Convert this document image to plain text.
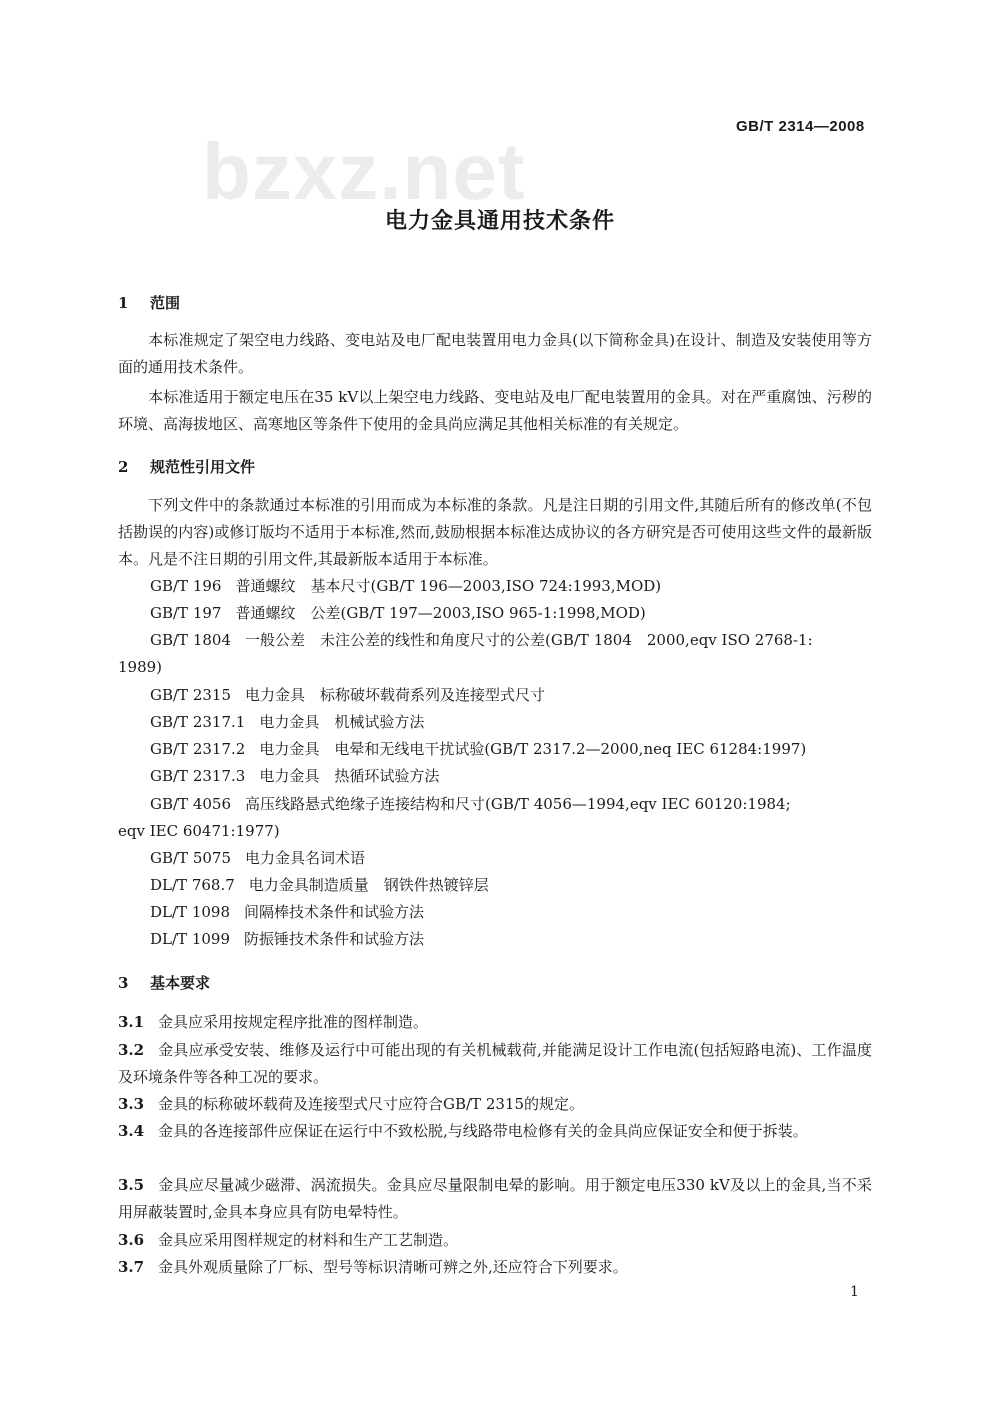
GB/T 2314—2008
bzxz.net
电力金具通用技术条件
1 范围
本标准规定了架空电力线路、变电站及电厂配电装置用电力金具(以下简称金具)在设计、制造及安装使用等方面的通用技术条件。
本标准适用于额定电压在35 kV以上架空电力线路、变电站及电厂配电装置用的金具。对在严重腐蚀、污秽的环境、高海拔地区、高寒地区等条件下使用的金具尚应满足其他相关标准的有关规定。
2 规范性引用文件
下列文件中的条款通过本标准的引用而成为本标准的条款。凡是注日期的引用文件,其随后所有的修改单(不包括勘误的内容)或修订版均不适用于本标准,然而,鼓励根据本标准达成协议的各方研究是否可使用这些文件的最新版本。凡是不注日期的引用文件,其最新版本适用于本标准。
GB/T 196 普通螺纹　基本尺寸(GB/T 196—2003,ISO 724:1993,MOD)
GB/T 197 普通螺纹　公差(GB/T 197—2003,ISO 965-1:1998,MOD)
GB/T 1804 一般公差　未注公差的线性和角度尺寸的公差(GB/T 1804　2000,eqv ISO 2768-1:
1989)
GB/T 2315 电力金具　标称破坏载荷系列及连接型式尺寸
GB/T 2317.1 电力金具　机械试验方法
GB/T 2317.2 电力金具　电晕和无线电干扰试验(GB/T 2317.2—2000,neq IEC 61284:1997)
GB/T 2317.3 电力金具　热循环试验方法
GB/T 4056 高压线路悬式绝缘子连接结构和尺寸(GB/T 4056—1994,eqv IEC 60120:1984;
eqv IEC 60471:1977)
GB/T 5075 电力金具名词术语
DL/T 768.7 电力金具制造质量　钢铁件热镀锌层
DL/T 1098 间隔棒技术条件和试验方法
DL/T 1099 防振锤技术条件和试验方法
3 基本要求
3.1 金具应采用按规定程序批准的图样制造。
3.2 金具应承受安装、维修及运行中可能出现的有关机械载荷,并能满足设计工作电流(包括短路电流)、工作温度及环境条件等各种工况的要求。
3.3 金具的标称破坏载荷及连接型式尺寸应符合GB/T 2315的规定。
3.4 金具的各连接部件应保证在运行中不致松脱,与线路带电检修有关的金具尚应保证安全和便于拆装。
3.5 金具应尽量减少磁滞、涡流损失。金具应尽量限制电晕的影响。用于额定电压330 kV及以上的金具,当不采用屏蔽装置时,金具本身应具有防电晕特性。
3.6 金具应采用图样规定的材料和生产工艺制造。
3.7 金具外观质量除了厂标、型号等标识清晰可辨之外,还应符合下列要求。
1
